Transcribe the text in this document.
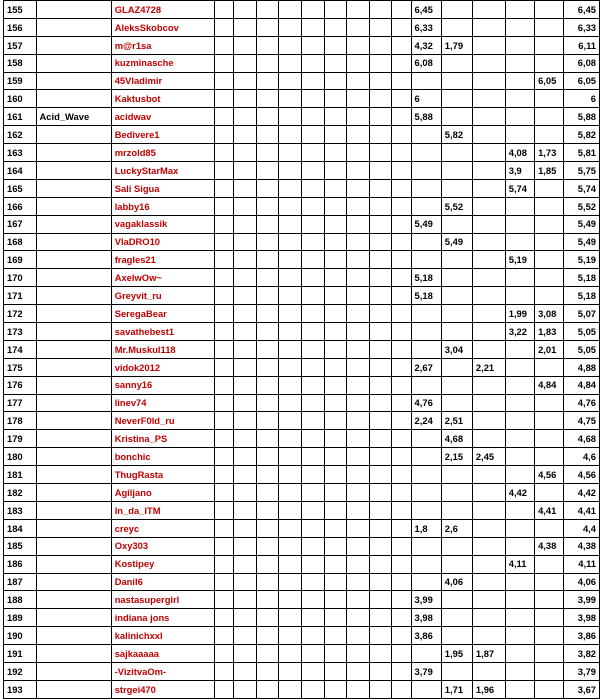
155		GLAZ4728										6,45					6,45
156		AleksSkobcov										6,33					6,33
157		m@r1sa										4,32	1,79				6,11
158		kuzminasche										6,08					6,08
159		45Vladimir														6,05	6,05
160		Kaktusbot										6					6
161	Acid_Wave	acidwav										5,88					5,88
162		Bedivere1											5,82				5,82
163		mrzold85													4,08	1,73	5,81
164		LuckyStarMax													3,9	1,85	5,75
165		Sali Sigua													5,74		5,74
166		labby16											5,52				5,52
167		vagaklassik										5,49					5,49
168		VlaDRO10											5,49				5,49
169		fragles21													5,19		5,19
170		AxelwOw~										5,18					5,18
171		Greyvit_ru										5,18					5,18
172		SeregaBear													1,99	3,08	5,07
173		savathebest1													3,22	1,83	5,05
174		Mr.Muskul118											3,04			2,01	5,05
175		vidok2012										2,67		2,21			4,88
176		sanny16														4,84	4,84
177		linev74										4,76					4,76
178		NeverF0ld_ru										2,24	2,51				4,75
179		Kristina_PS											4,68				4,68
180		bonchic											2,15	2,45			4,6
181		ThugRasta														4,56	4,56
182		Agiljano													4,42		4,42
183		In_da_ITM														4,41	4,41
184		creyc										1,8	2,6				4,4
185		Oxy303														4,38	4,38
186		Kostipey													4,11		4,11
187		Danil6											4,06				4,06
188		nastasupergirl										3,99					3,99
189		indiana jons										3,98					3,98
190		kalinichxxl										3,86					3,86
191		sajkaaaaa											1,95	1,87			3,82
192		-VizitvaOm-										3,79					3,79
193		strgei470											1,71	1,96			3,67
